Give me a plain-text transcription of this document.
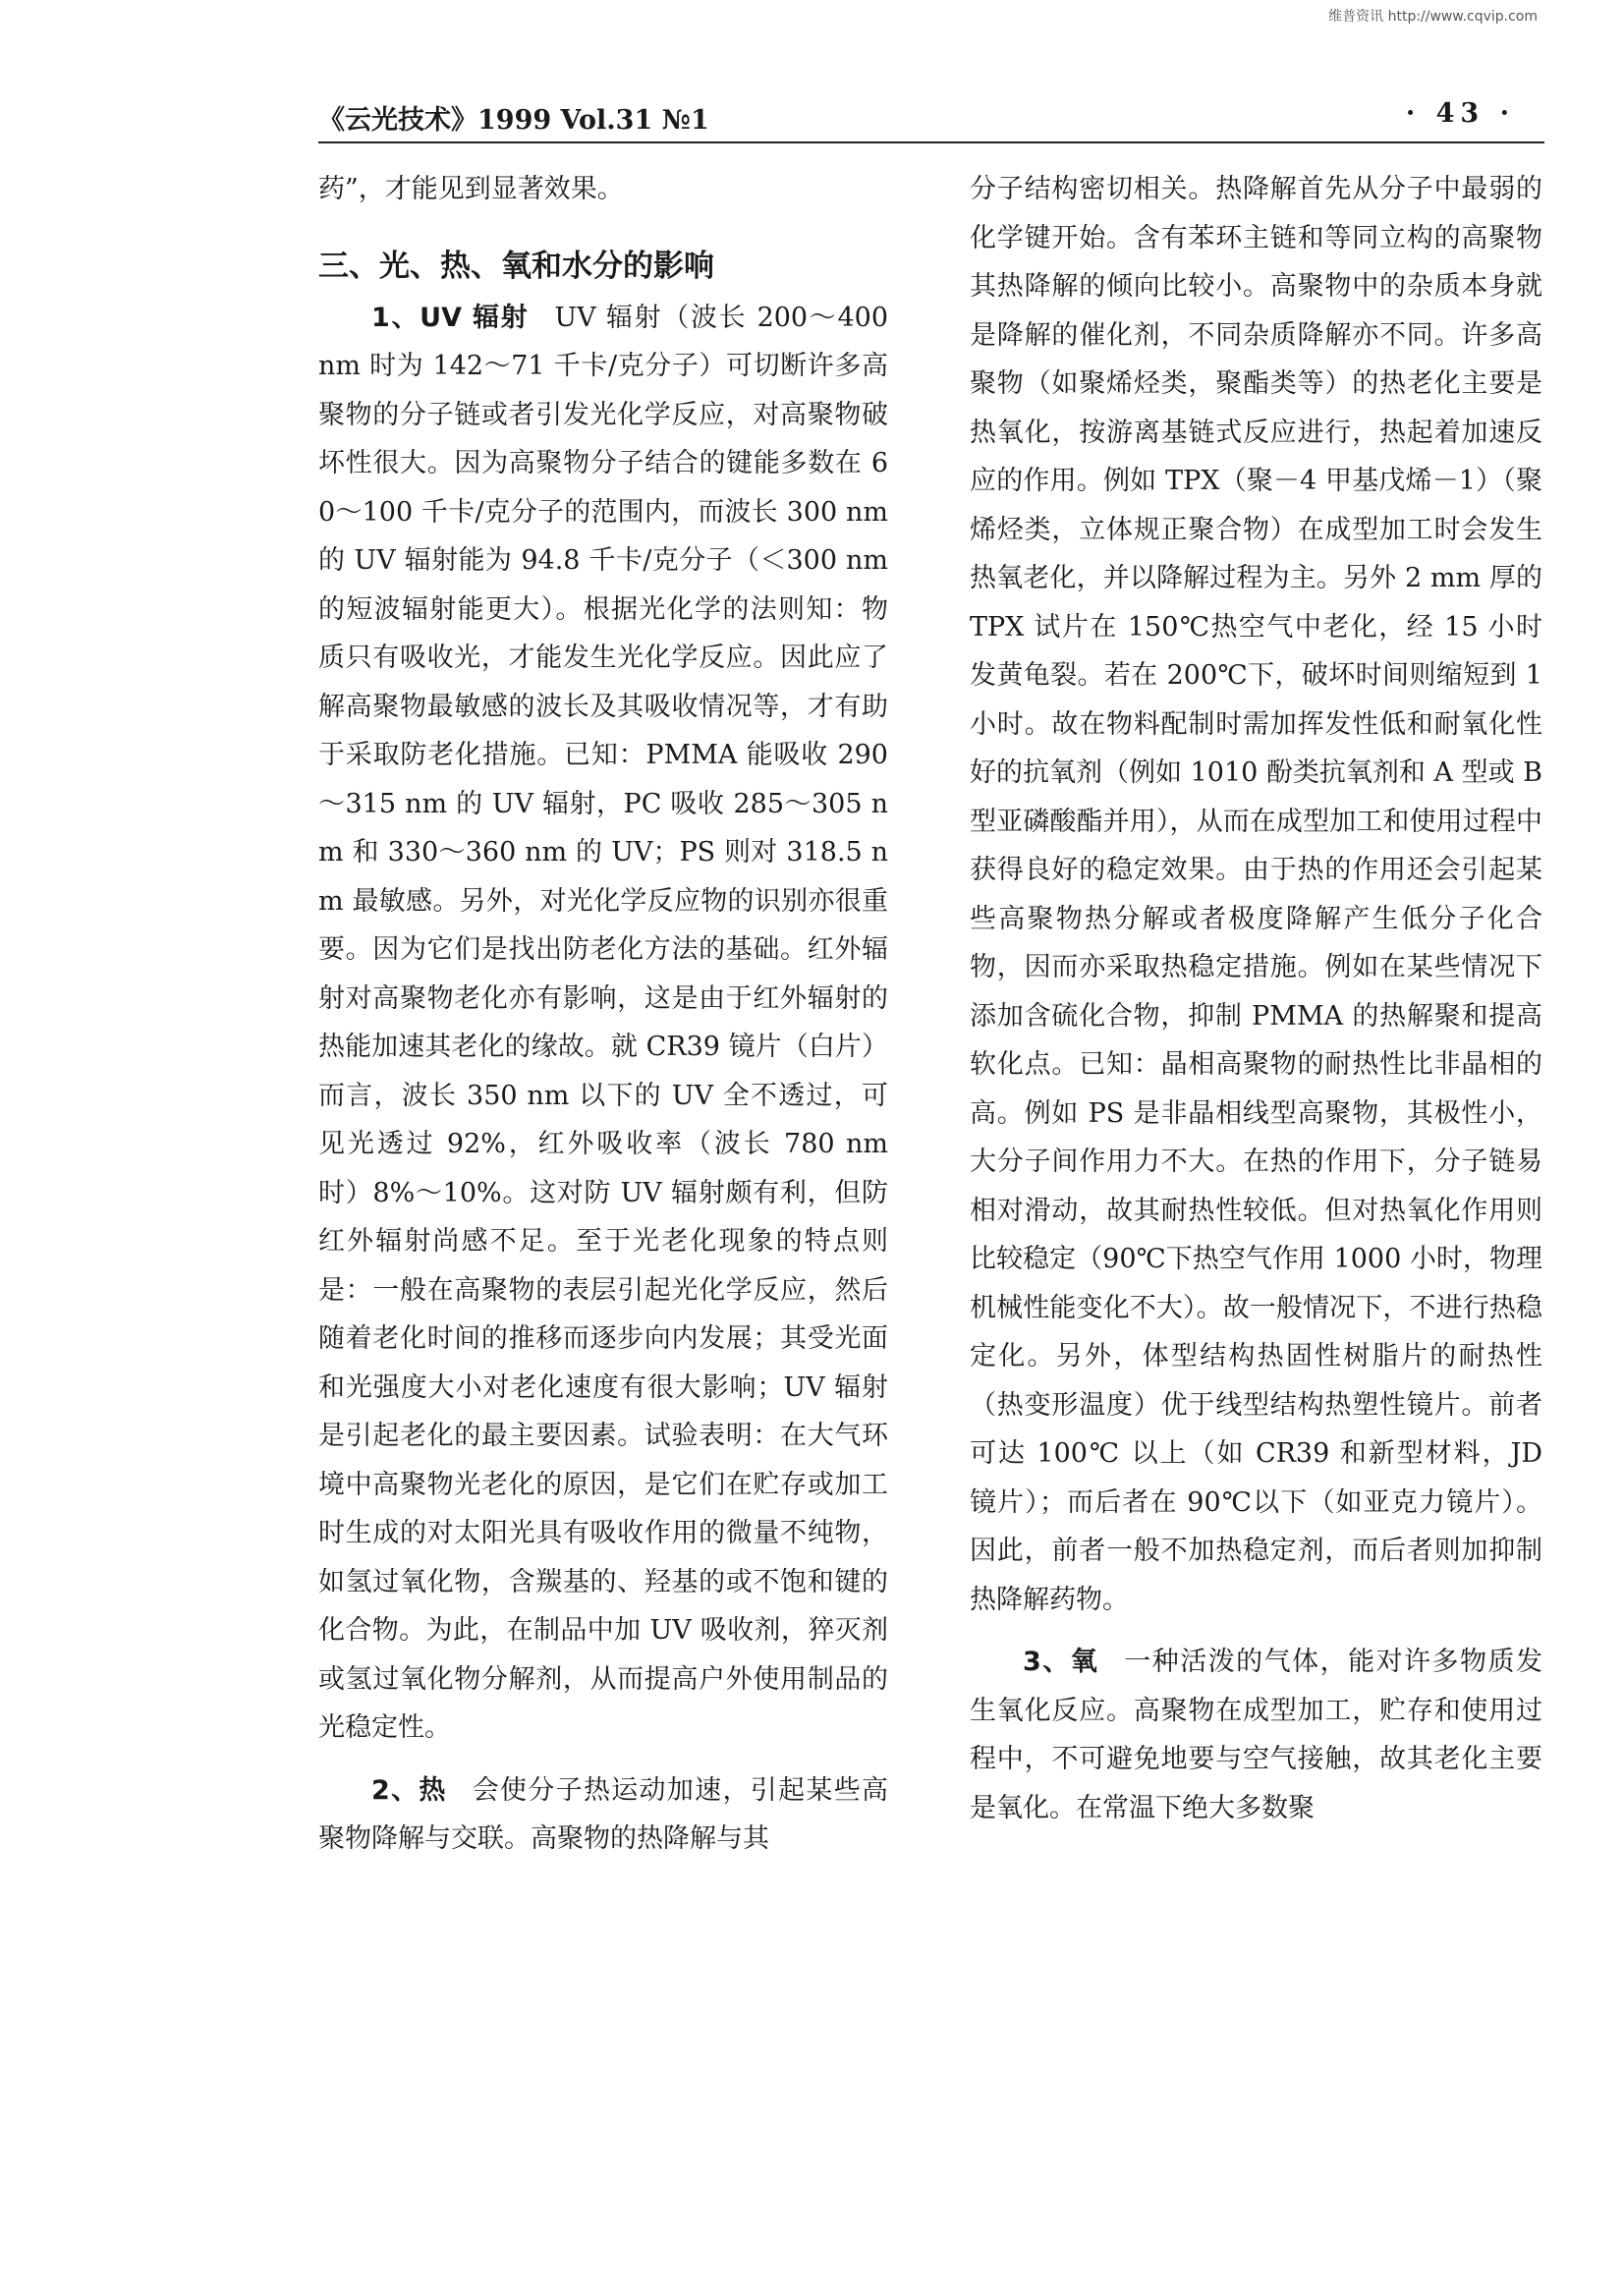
维普资讯 http://www.cqvip.com
《云光技术》1999 Vol.31 №1	· 43 ·

药”，才能见到显著效果。

三、光、热、氧和水分的影响

1、UV 辐射 UV 辐射（波长 200～400 nm 时为 142～71 千卡/克分子）可切断许多高聚物的分子链或者引发光化学反应，对高聚物破坏性很大。因为高聚物分子结合的键能多数在 60～100 千卡/克分子的范围内，而波长 300 nm 的 UV 辐射能为 94.8 千卡/克分子（＜300 nm 的短波辐射能更大）。根据光化学的法则知：物质只有吸收光，才能发生光化学反应。因此应了解高聚物最敏感的波长及其吸收情况等，才有助于采取防老化措施。已知：PMMA 能吸收 290～315 nm 的 UV 辐射，PC 吸收 285～305 nm 和 330～360 nm 的 UV；PS 则对 318.5 nm 最敏感。另外，对光化学反应物的识别亦很重要。因为它们是找出防老化方法的基础。红外辐射对高聚物老化亦有影响，这是由于红外辐射的热能加速其老化的缘故。就 CR39 镜片（白片）而言，波长 350 nm 以下的 UV 全不透过，可见光透过 92%，红外吸收率（波长 780 nm 时）8%～10%。这对防 UV 辐射颇有利，但防红外辐射尚感不足。至于光老化现象的特点则是：一般在高聚物的表层引起光化学反应，然后随着老化时间的推移而逐步向内发展；其受光面和光强度大小对老化速度有很大影响；UV 辐射是引起老化的最主要因素。试验表明：在大气环境中高聚物光老化的原因，是它们在贮存或加工时生成的对太阳光具有吸收作用的微量不纯物，如氢过氧化物，含羰基的、羟基的或不饱和键的化合物。为此，在制品中加 UV 吸收剂，猝灭剂或氢过氧化物分解剂，从而提高户外使用制品的光稳定性。

2、热 会使分子热运动加速，引起某些高聚物降解与交联。高聚物的热降解与其

分子结构密切相关。热降解首先从分子中最弱的化学键开始。含有苯环主链和等同立构的高聚物其热降解的倾向比较小。高聚物中的杂质本身就是降解的催化剂，不同杂质降解亦不同。许多高聚物（如聚烯烃类，聚酯类等）的热老化主要是热氧化，按游离基链式反应进行，热起着加速反应的作用。例如 TPX（聚－4 甲基戊烯－1）（聚烯烃类，立体规正聚合物）在成型加工时会发生热氧老化，并以降解过程为主。另外 2 mm 厚的 TPX 试片在 150℃热空气中老化，经 15 小时发黄龟裂。若在 200℃下，破坏时间则缩短到 1 小时。故在物料配制时需加挥发性低和耐氧化性好的抗氧剂（例如 1010 酚类抗氧剂和 A 型或 B 型亚磷酸酯并用），从而在成型加工和使用过程中获得良好的稳定效果。由于热的作用还会引起某些高聚物热分解或者极度降解产生低分子化合物，因而亦采取热稳定措施。例如在某些情况下添加含硫化合物，抑制 PMMA 的热解聚和提高软化点。已知：晶相高聚物的耐热性比非晶相的高。例如 PS 是非晶相线型高聚物，其极性小，大分子间作用力不大。在热的作用下，分子链易相对滑动，故其耐热性较低。但对热氧化作用则比较稳定（90℃下热空气作用 1000 小时，物理机械性能变化不大）。故一般情况下，不进行热稳定化。另外，体型结构热固性树脂片的耐热性（热变形温度）优于线型结构热塑性镜片。前者可达 100℃ 以上（如 CR39 和新型材料，JD 镜片）；而后者在 90℃以下（如亚克力镜片）。因此，前者一般不加热稳定剂，而后者则加抑制热降解药物。

3、氧 一种活泼的气体，能对许多物质发生氧化反应。高聚物在成型加工，贮存和使用过程中，不可避免地要与空气接触，故其老化主要是氧化。在常温下绝大多数聚
